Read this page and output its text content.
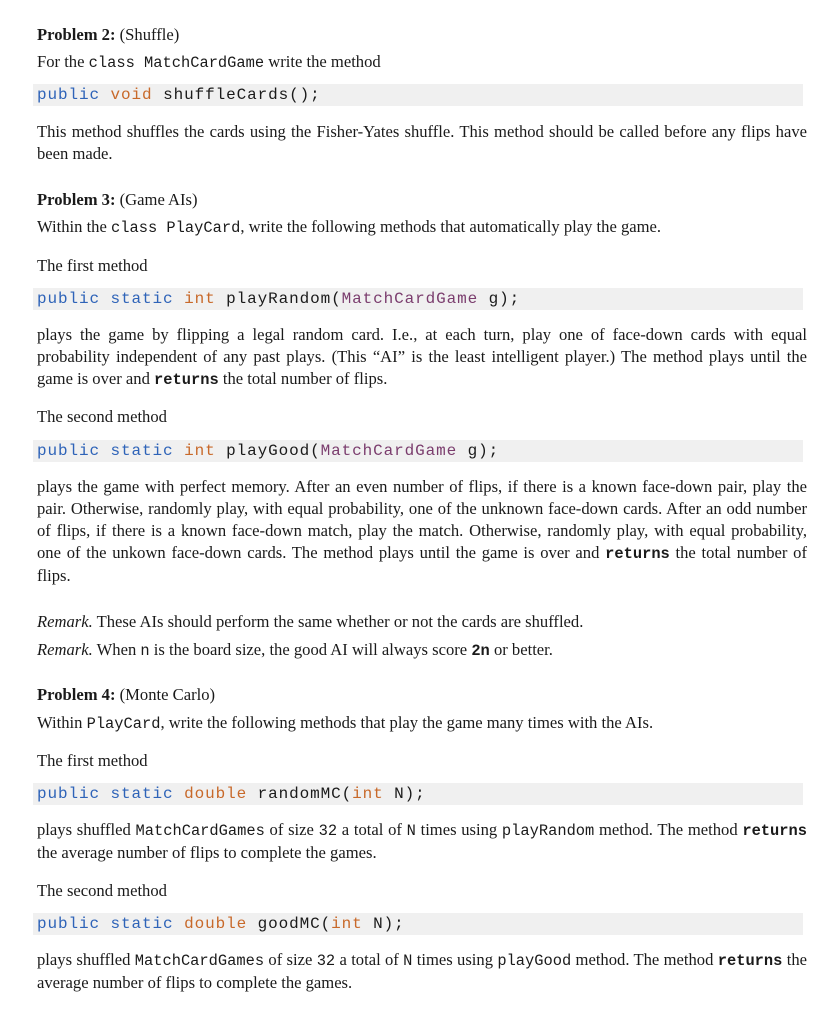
Problem 2: (Shuffle)
For the class MatchCardGame write the method
public void shuffleCards();
This method shuffles the cards using the Fisher-Yates shuffle. This method should be called before any flips have been made.
Problem 3: (Game AIs)
Within the class PlayCard, write the following methods that automatically play the game.
The first method
public static int playRandom(MatchCardGame g);
plays the game by flipping a legal random card. I.e., at each turn, play one of face-down cards with equal probability independent of any past plays. (This “AI” is the least intelligent player.) The method plays until the game is over and returns the total number of flips.
The second method
public static int playGood(MatchCardGame g);
plays the game with perfect memory. After an even number of flips, if there is a known face-down pair, play the pair. Otherwise, randomly play, with equal probability, one of the unknown face-down cards. After an odd number of flips, if there is a known face-down match, play the match. Otherwise, randomly play, with equal probability, one of the unkown face-down cards. The method plays until the game is over and returns the total number of flips.
Remark. These AIs should perform the same whether or not the cards are shuffled.
Remark. When n is the board size, the good AI will always score 2n or better.
Problem 4: (Monte Carlo)
Within PlayCard, write the following methods that play the game many times with the AIs.
The first method
public static double randomMC(int N);
plays shuffled MatchCardGames of size 32 a total of N times using playRandom method. The method returns the average number of flips to complete the games.
The second method
public static double goodMC(int N);
plays shuffled MatchCardGames of size 32 a total of N times using playGood method. The method returns the average number of flips to complete the games.
